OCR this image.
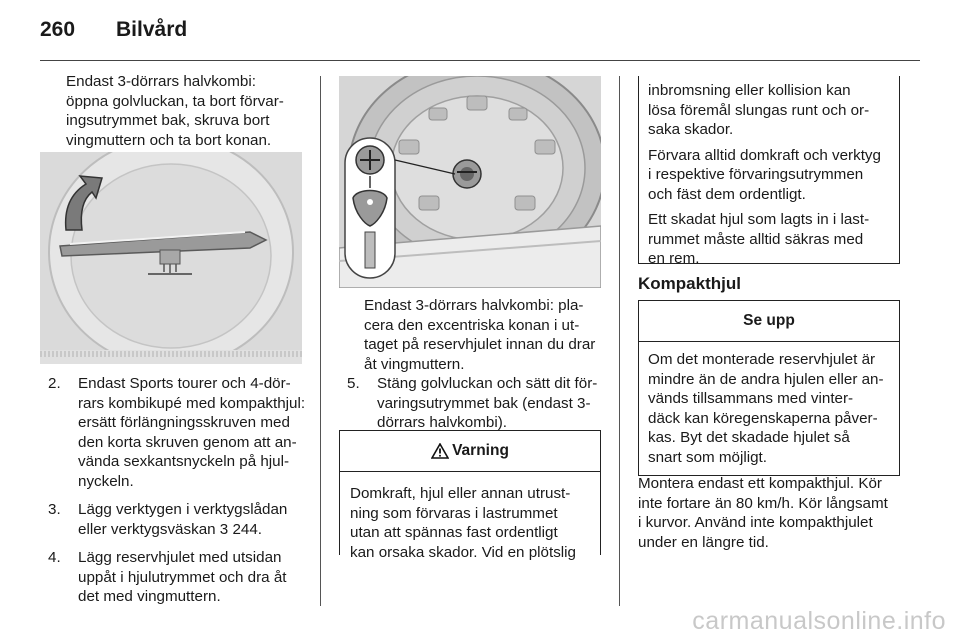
260 Bilvård
Endast 3-dörrars halvkombi:
öppna golvluckan, ta bort förvar-
ingsutrymmet bak, skruva bort
vingmuttern och ta bort konan.
2. Endast Sports tourer och 4-dör-
rars kombikupé med kompakthjul:
ersätt förlängningsskruven med
den korta skruven genom att an-
vända sexkantsnyckeln på hjul-
nyckeln.
3. Lägg verktygen i verktygslådan
eller verktygsväskan 3 244.
4. Lägg reservhjulet med utsidan
uppåt i hjulutrymmet och dra åt
det med vingmuttern.
Endast 3-dörrars halvkombi: pla-
cera den excentriska konan i ut-
taget på reservhjulet innan du drar
åt vingmuttern.
5. Stäng golvluckan och sätt dit för-
varingsutrymmet bak (endast 3-
dörrars halvkombi).
Varning
Domkraft, hjul eller annan utrust-
ning som förvaras i lastrummet
utan att spännas fast ordentligt
kan orsaka skador. Vid en plötslig

inbromsning eller kollision kan
lösa föremål slungas runt och or-
saka skador.

Förvara alltid domkraft och verktyg
i respektive förvaringsutrymmen
och fäst dem ordentligt.

Ett skadat hjul som lagts in i last-
rummet måste alltid säkras med
en rem.

Kompakthjul
Se upp
Om det monterade reservhjulet är
mindre än de andra hjulen eller an-
vänds tillsammans med vinter-
däck kan köregenskaperna påver-
kas. Byt det skadade hjulet så
snart som möjligt.
Montera endast ett kompakthjul. Kör
inte fortare än 80 km/h. Kör långsamt
i kurvor. Använd inte kompakthjulet
under en längre tid.
carmanualsonline.info
